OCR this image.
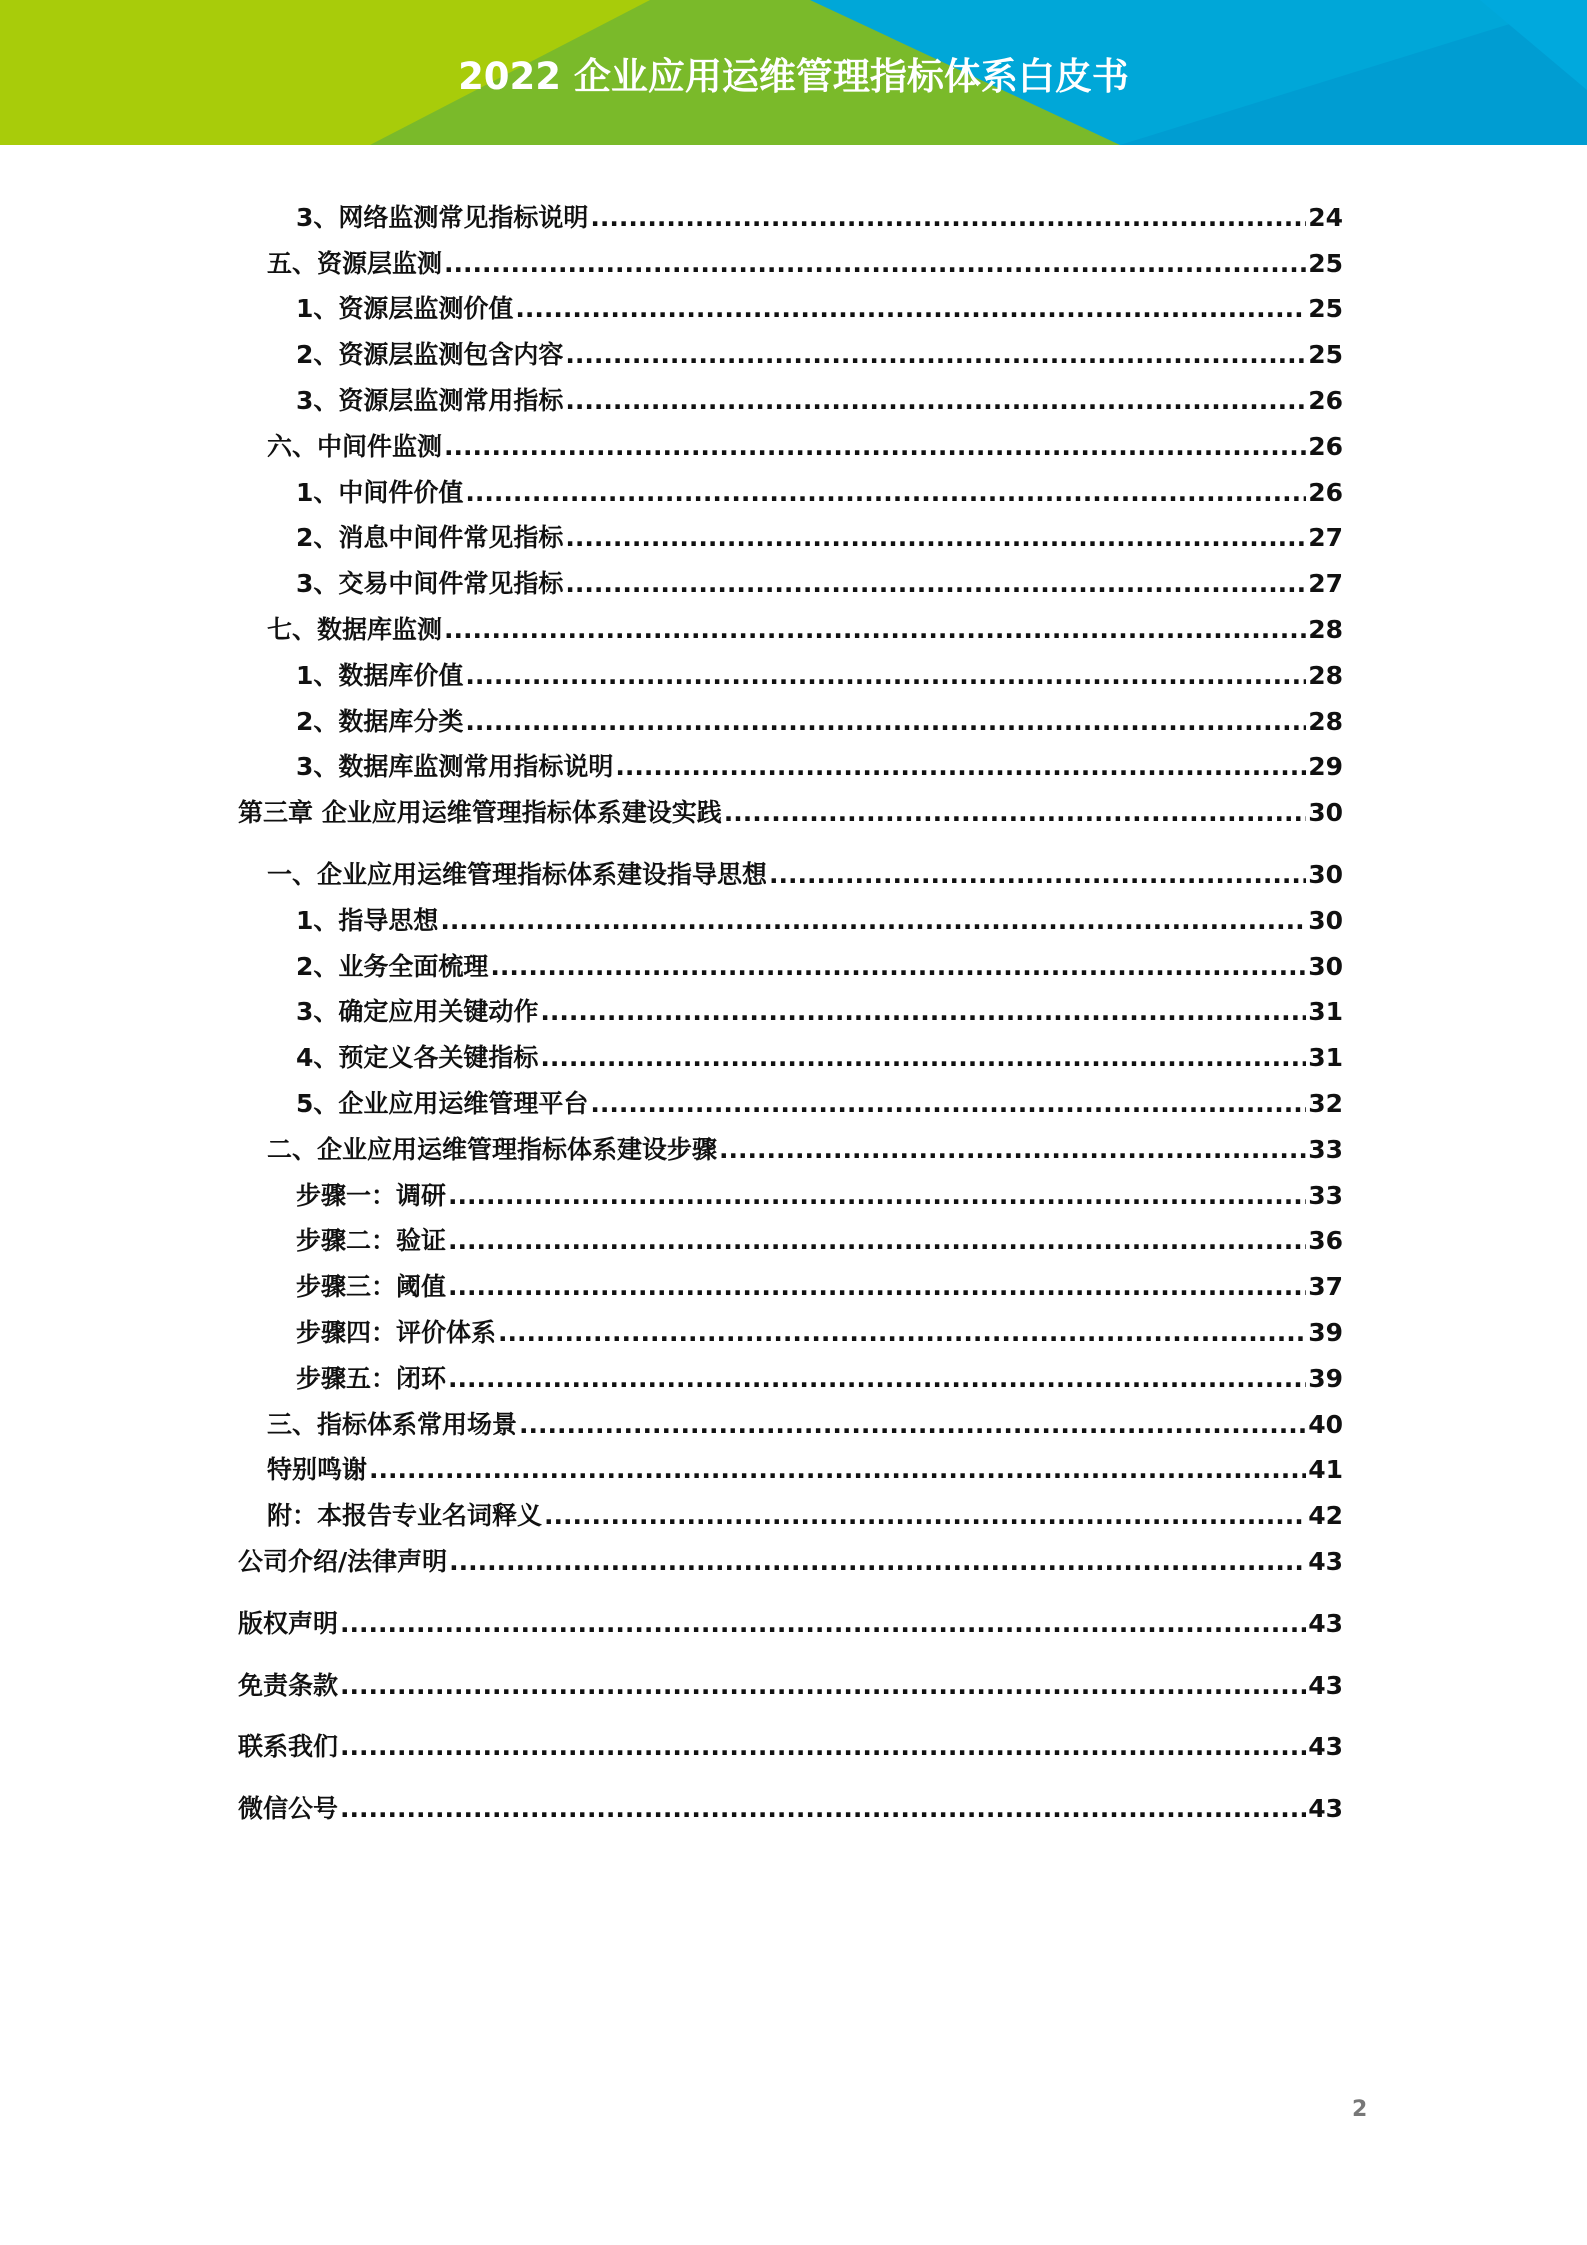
2022 企业应用运维管理指标体系白皮书
3、网络监测常见指标说明 .....	24
五、资源层监测 .....	25
1、资源层监测价值 .....	25
2、资源层监测包含内容 .....	25
3、资源层监测常用指标 .....	26
六、中间件监测 .....	26
1、中间件价值 .....	26
2、消息中间件常见指标 .....	27
3、交易中间件常见指标 .....	27
七、数据库监测 .....	28
1、数据库价值 .....	28
2、数据库分类 .....	28
3、数据库监测常用指标说明 .....	29
第三章 企业应用运维管理指标体系建设实践 .....	30
一、企业应用运维管理指标体系建设指导思想 .....	30
1、指导思想 .....	30
2、业务全面梳理 .....	30
3、确定应用关键动作 .....	31
4、预定义各关键指标 .....	31
5、企业应用运维管理平台 .....	32
二、企业应用运维管理指标体系建设步骤 .....	33
步骤一：调研 .....	33
步骤二：验证 .....	36
步骤三：阈值 .....	37
步骤四：评价体系 .....	39
步骤五：闭环 .....	39
三、指标体系常用场景 .....	40
特别鸣谢 .....	41
附：本报告专业名词释义 .....	42
公司介绍/法律声明 .....	43
版权声明 .....	43
免责条款 .....	43
联系我们 .....	43
微信公号 .....	43
2
